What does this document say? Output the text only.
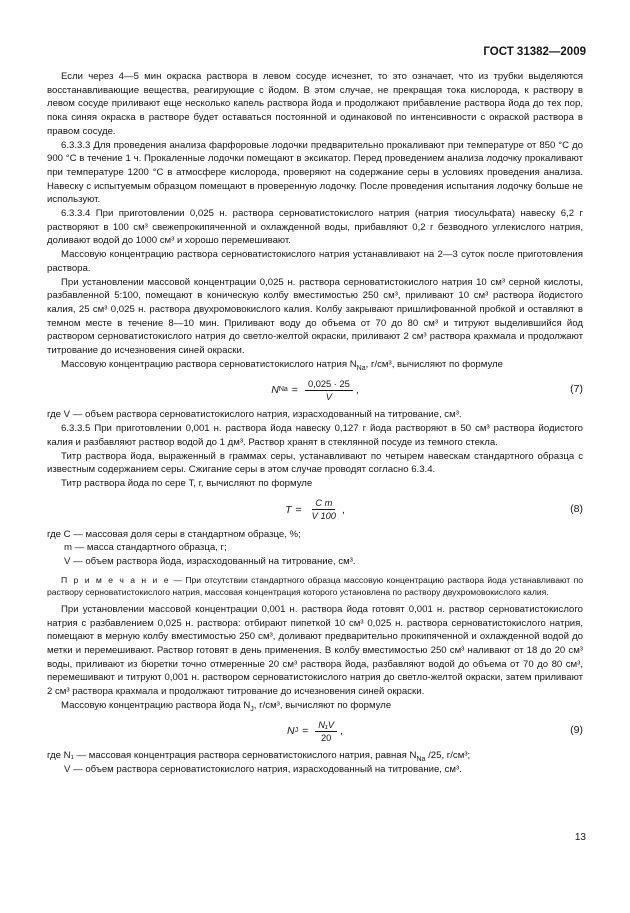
ГОСТ 31382—2009

Если через 4—5 мин окраска раствора в левом сосуде исчезнет, то это означает, что из трубки выделяются восстанавливающие вещества, реагирующие с йодом. В этом случае, не прекращая тока кислорода, к раствору в левом сосуде приливают еще несколько капель раствора йода и продолжают прибавление раствора йода до тех пор, пока синяя окраска в растворе будет оставаться постоянной и одинаковой по интенсивности с окраской раствора в правом сосуде.

6.3.3.3 Для проведения анализа фарфоровые лодочки предварительно прокаливают при температуре от 850 °С до 900 °С в течение 1 ч. Прокаленные лодочки помещают в эксикатор. Перед проведением анализа лодочку прокаливают при температуре 1200 °С в атмосфере кислорода, проверяют на содержание серы в условиях проведения анализа. Навеску с испытуемым образцом помещают в проверенную лодочку. После проведения испытания лодочку больше не используют.

6.3.3.4 При приготовлении 0,025 н. раствора серноватистокислого натрия (натрия тиосульфата) навеску 6,2 г растворяют в 100 см³ свежепрокипяченной и охлажденной воды, прибавляют 0,2 г безводного углекислого натрия, доливают водой до 1000 см³ и хорошо перемешивают.

Массовую концентрацию раствора серноватистокислого натрия устанавливают на 2—3 суток после приготовления раствора.

При установлении массовой концентрации 0,025 н. раствора серноватистокислого натрия 10 см³ серной кислоты, разбавленной 5:100, помещают в коническую колбу вместимостью 250 см³, приливают 10 см³ раствора йодистого калия, 25 см³ 0,025 н. раствора двухромовокислого калия. Колбу закрывают пришлифованной пробкой и оставляют в темном месте в течение 8—10 мин. Приливают воду до объема от 70 до 80 см³ и титруют выделившийся йод раствором серноватистокислого натрия до светло-желтой окраски, приливают 2 см³ раствора крахмала и продолжают титрование до исчезновения синей окраски.

Массовую концентрацию раствора серноватистокислого натрия $N_{Na}$, г/см³, вычисляют по формуле

N $Na = \frac{0,025 \cdot 25}{V}$ ,	(7)

где V — объем раствора серноватистокислого натрия, израсходованный на титрование, см³.

6.3.3.5 При приготовлении 0,001 н. раствора йода навеску 0,127 г йода растворяют в 50 см³ раствора йодистого калия и разбавляют раствор водой до 1 дм³. Раствор хранят в стеклянной посуде из темного стекла.

Титр раствора йода, выраженный в граммах серы, устанавливают по четырем навескам стандартного образца с известным содержанием серы. Сжигание серы в этом случае проводят согласно 6.3.4.

Титр раствора йода по сере T, г, вычисляют по формуле

$T = \frac{\text{C m}}{V 100}$ ,	(8)

где C — массовая доля серы в стандартном образце, %;

m — масса стандартного образца, г;

V — объем раствора йода, израсходованный на титрование, см³.

П р и м е ч а н и е — При отсутствии стандартного образца массовую концентрацию раствора йода устанавливают по раствору серноватистокислого натрия, массовая концентрация которого установлена по раствору двухромовокислого калия.

При установлении массовой концентрации 0,001 н. раствора йода готовят 0,001 н. раствор серноватистокислого натрия с разбавлением 0,025 н. раствора: отбирают пипеткой 10 см³ 0,025 н. раствора серноватистокислого натрия, помещают в мерную колбу вместимостью 250 см³, доливают предварительно прокипяченной и охлажденной водой до метки и перемешивают. Раствор готовят в день применения. В колбу вместимостью 250 см³ наливают от 18 до 20 см³ воды, приливают из бюретки точно отмеренные 20 см³ раствора йода, разбавляют водой до объема от 70 до 80 см³, перемешивают и титруют 0,001 н. раствором серноватистокислого натрия до светло-желтой окраски, затем приливают 2 см³ раствора крахмала и продолжают титрование до исчезновения синей окраски.

Массовую концентрацию раствора йода $N_J$, г/см³, вычисляют по формуле

N $J = \frac{\text{N₁V}}{20}$ ,	(9)

где N₁ — массовая концентрация раствора серноватистокислого натрия, равная $N_{Na}$ /25, г/см³;

V — объем раствора серноватистокислого натрия, израсходованный на титрование, см³.

13
